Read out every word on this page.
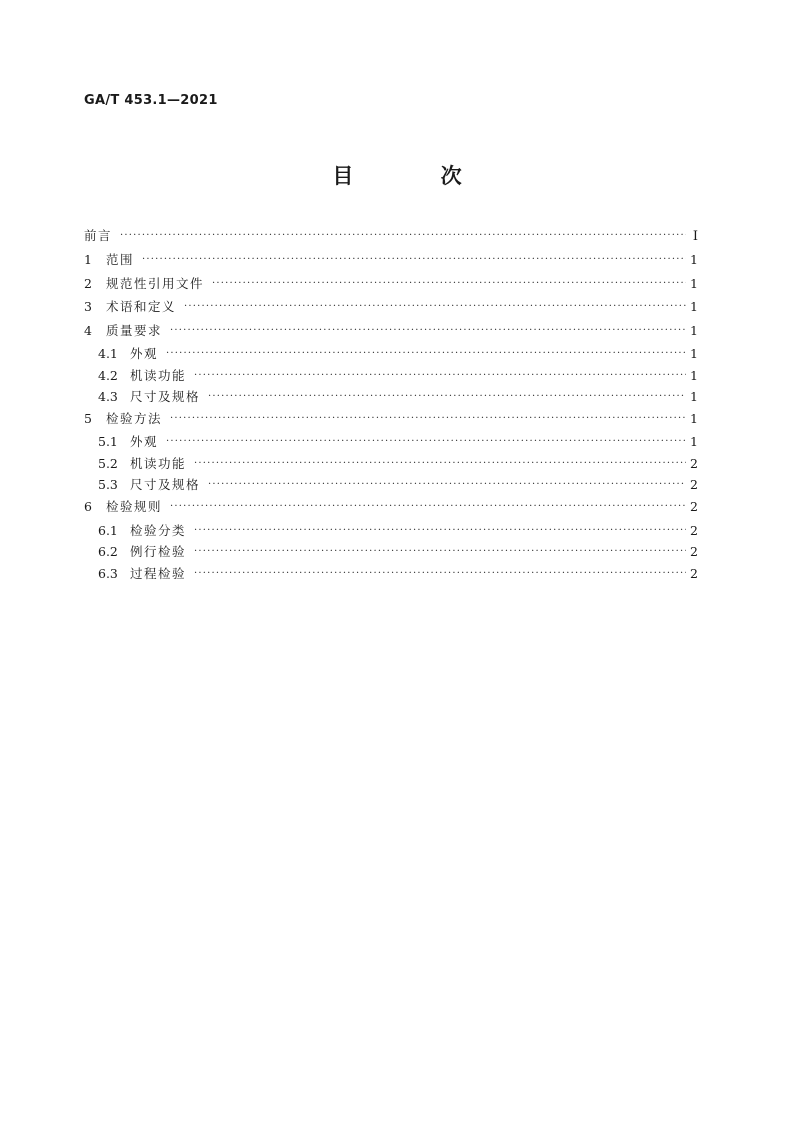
GA/T 453.1—2021
目 次
前言 ·····	I
1	范围 ·····	1
2	规范性引用文件 ·····	1
3	术语和定义 ·····	1
4	质量要求 ·····	1
4.1 外观 ·····	1
4.2 机读功能 ·····	1
4.3 尺寸及规格 ·····	1
5	检验方法 ·····	1
5.1 外观 ·····	1
5.2 机读功能 ·····	2
5.3 尺寸及规格 ·····	2
6	检验规则 ·····	2
6.1 检验分类 ·····	2
6.2 例行检验 ·····	2
6.3 过程检验 ·····	2
